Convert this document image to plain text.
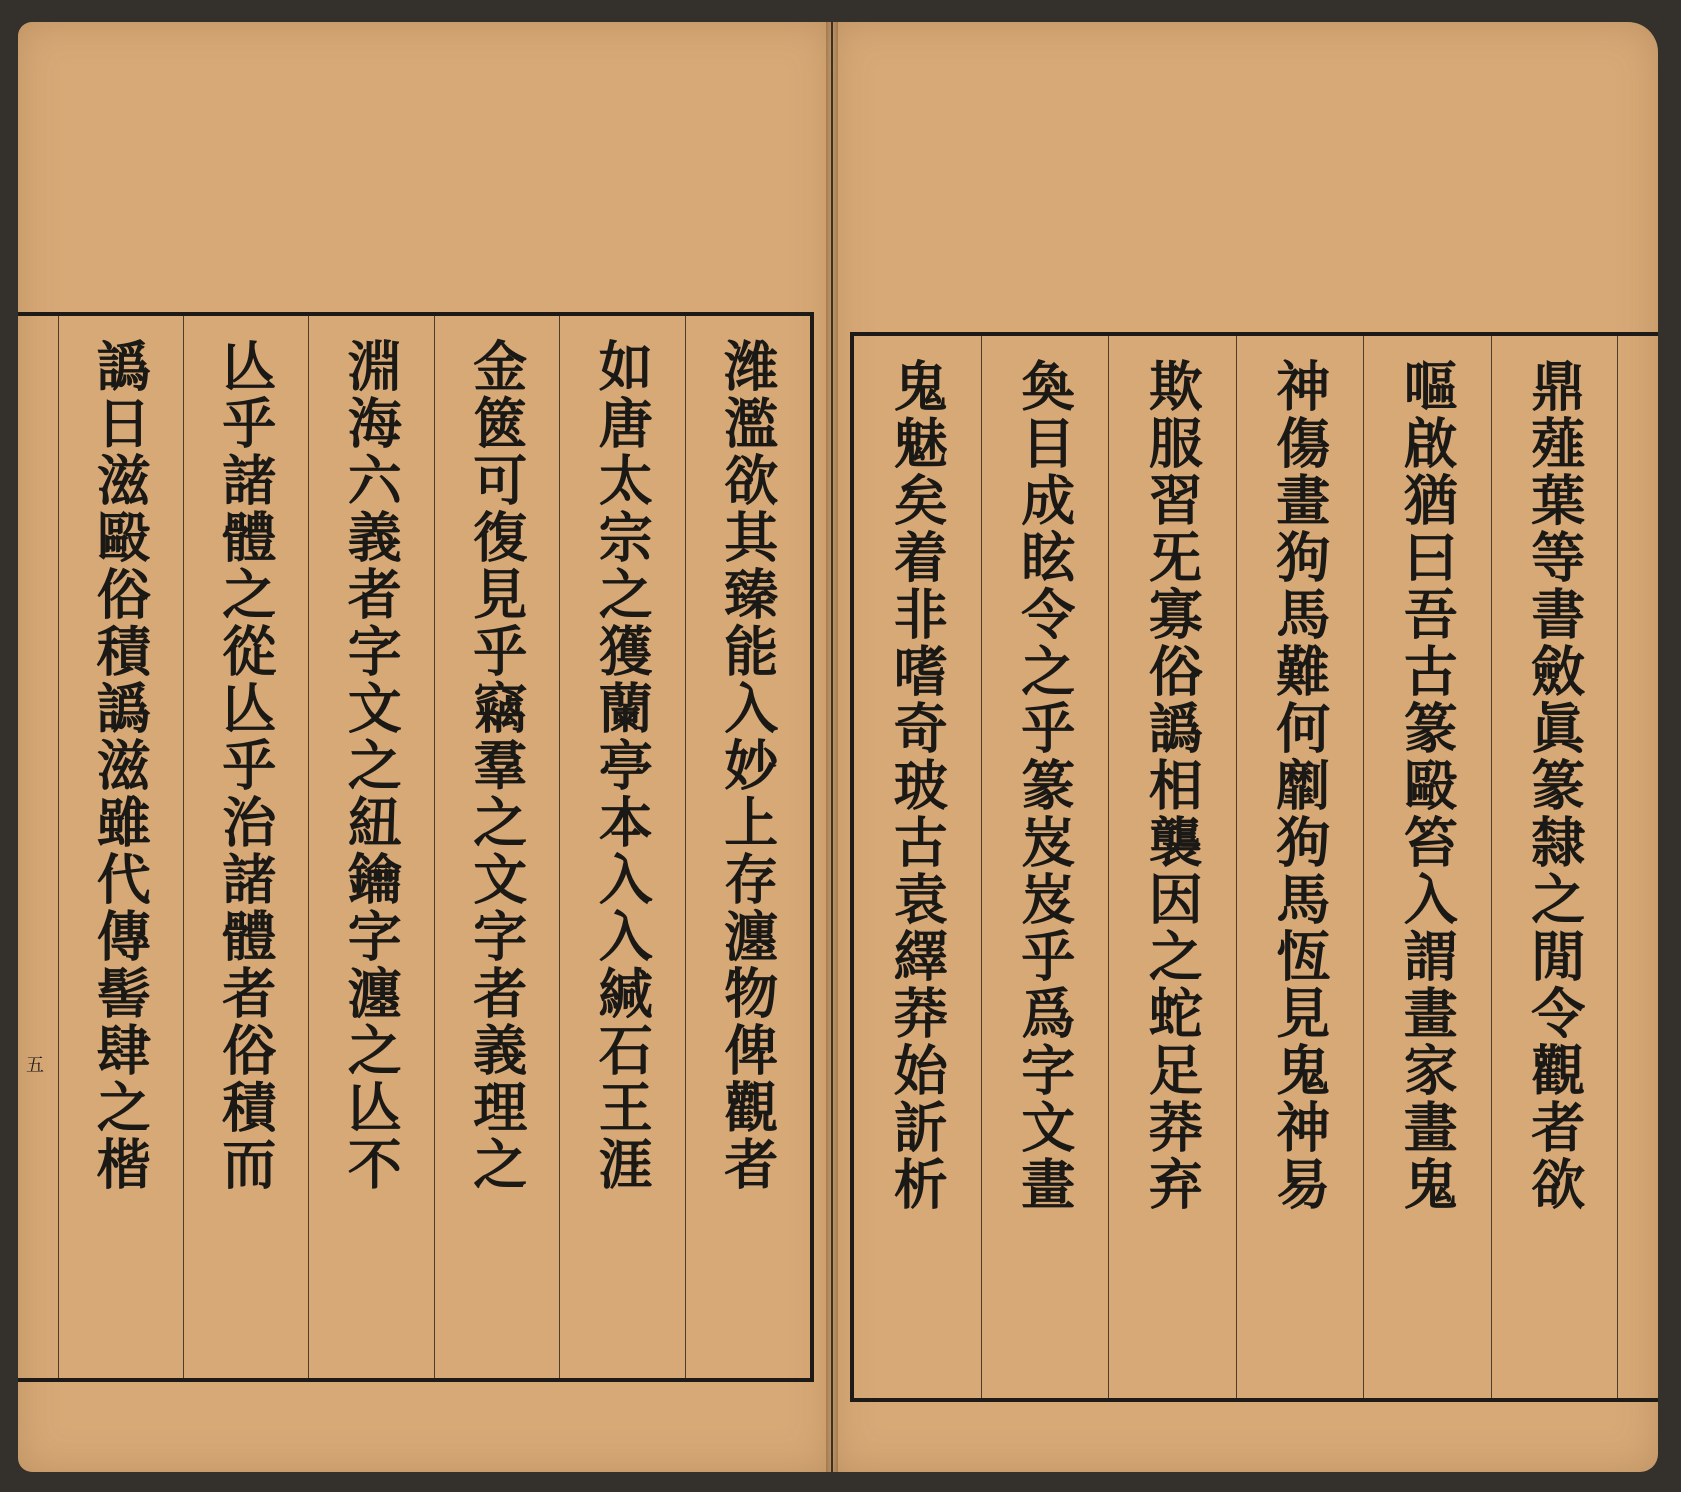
五	潍濫欲其臻能入妙上存瀍物俾觀者
如唐太宗之獲蘭亭本入入緘石王涯
金篋可復見乎竊羣之文字者義理之
淵海六義者字文之紐鑰字瀍之亾不
亾乎諸體之從亾乎治諸體者俗積而
譌日滋毆俗積譌滋雖代傳髻肆之楷	鼎薤葉等書斂眞篆隸之閒令觀者欲
嘔啟猶曰吾古篆毆笞入謂畫家畫鬼
神傷畫狗馬難何劘狗馬恆見鬼神易
欺服習旡寡俗譌相襲因之蛇足莽弃
奐目成眩令之乎篆岌岌乎爲字文畫
鬼魅矣着非嗜奇玻古袁繹莽始訢析
